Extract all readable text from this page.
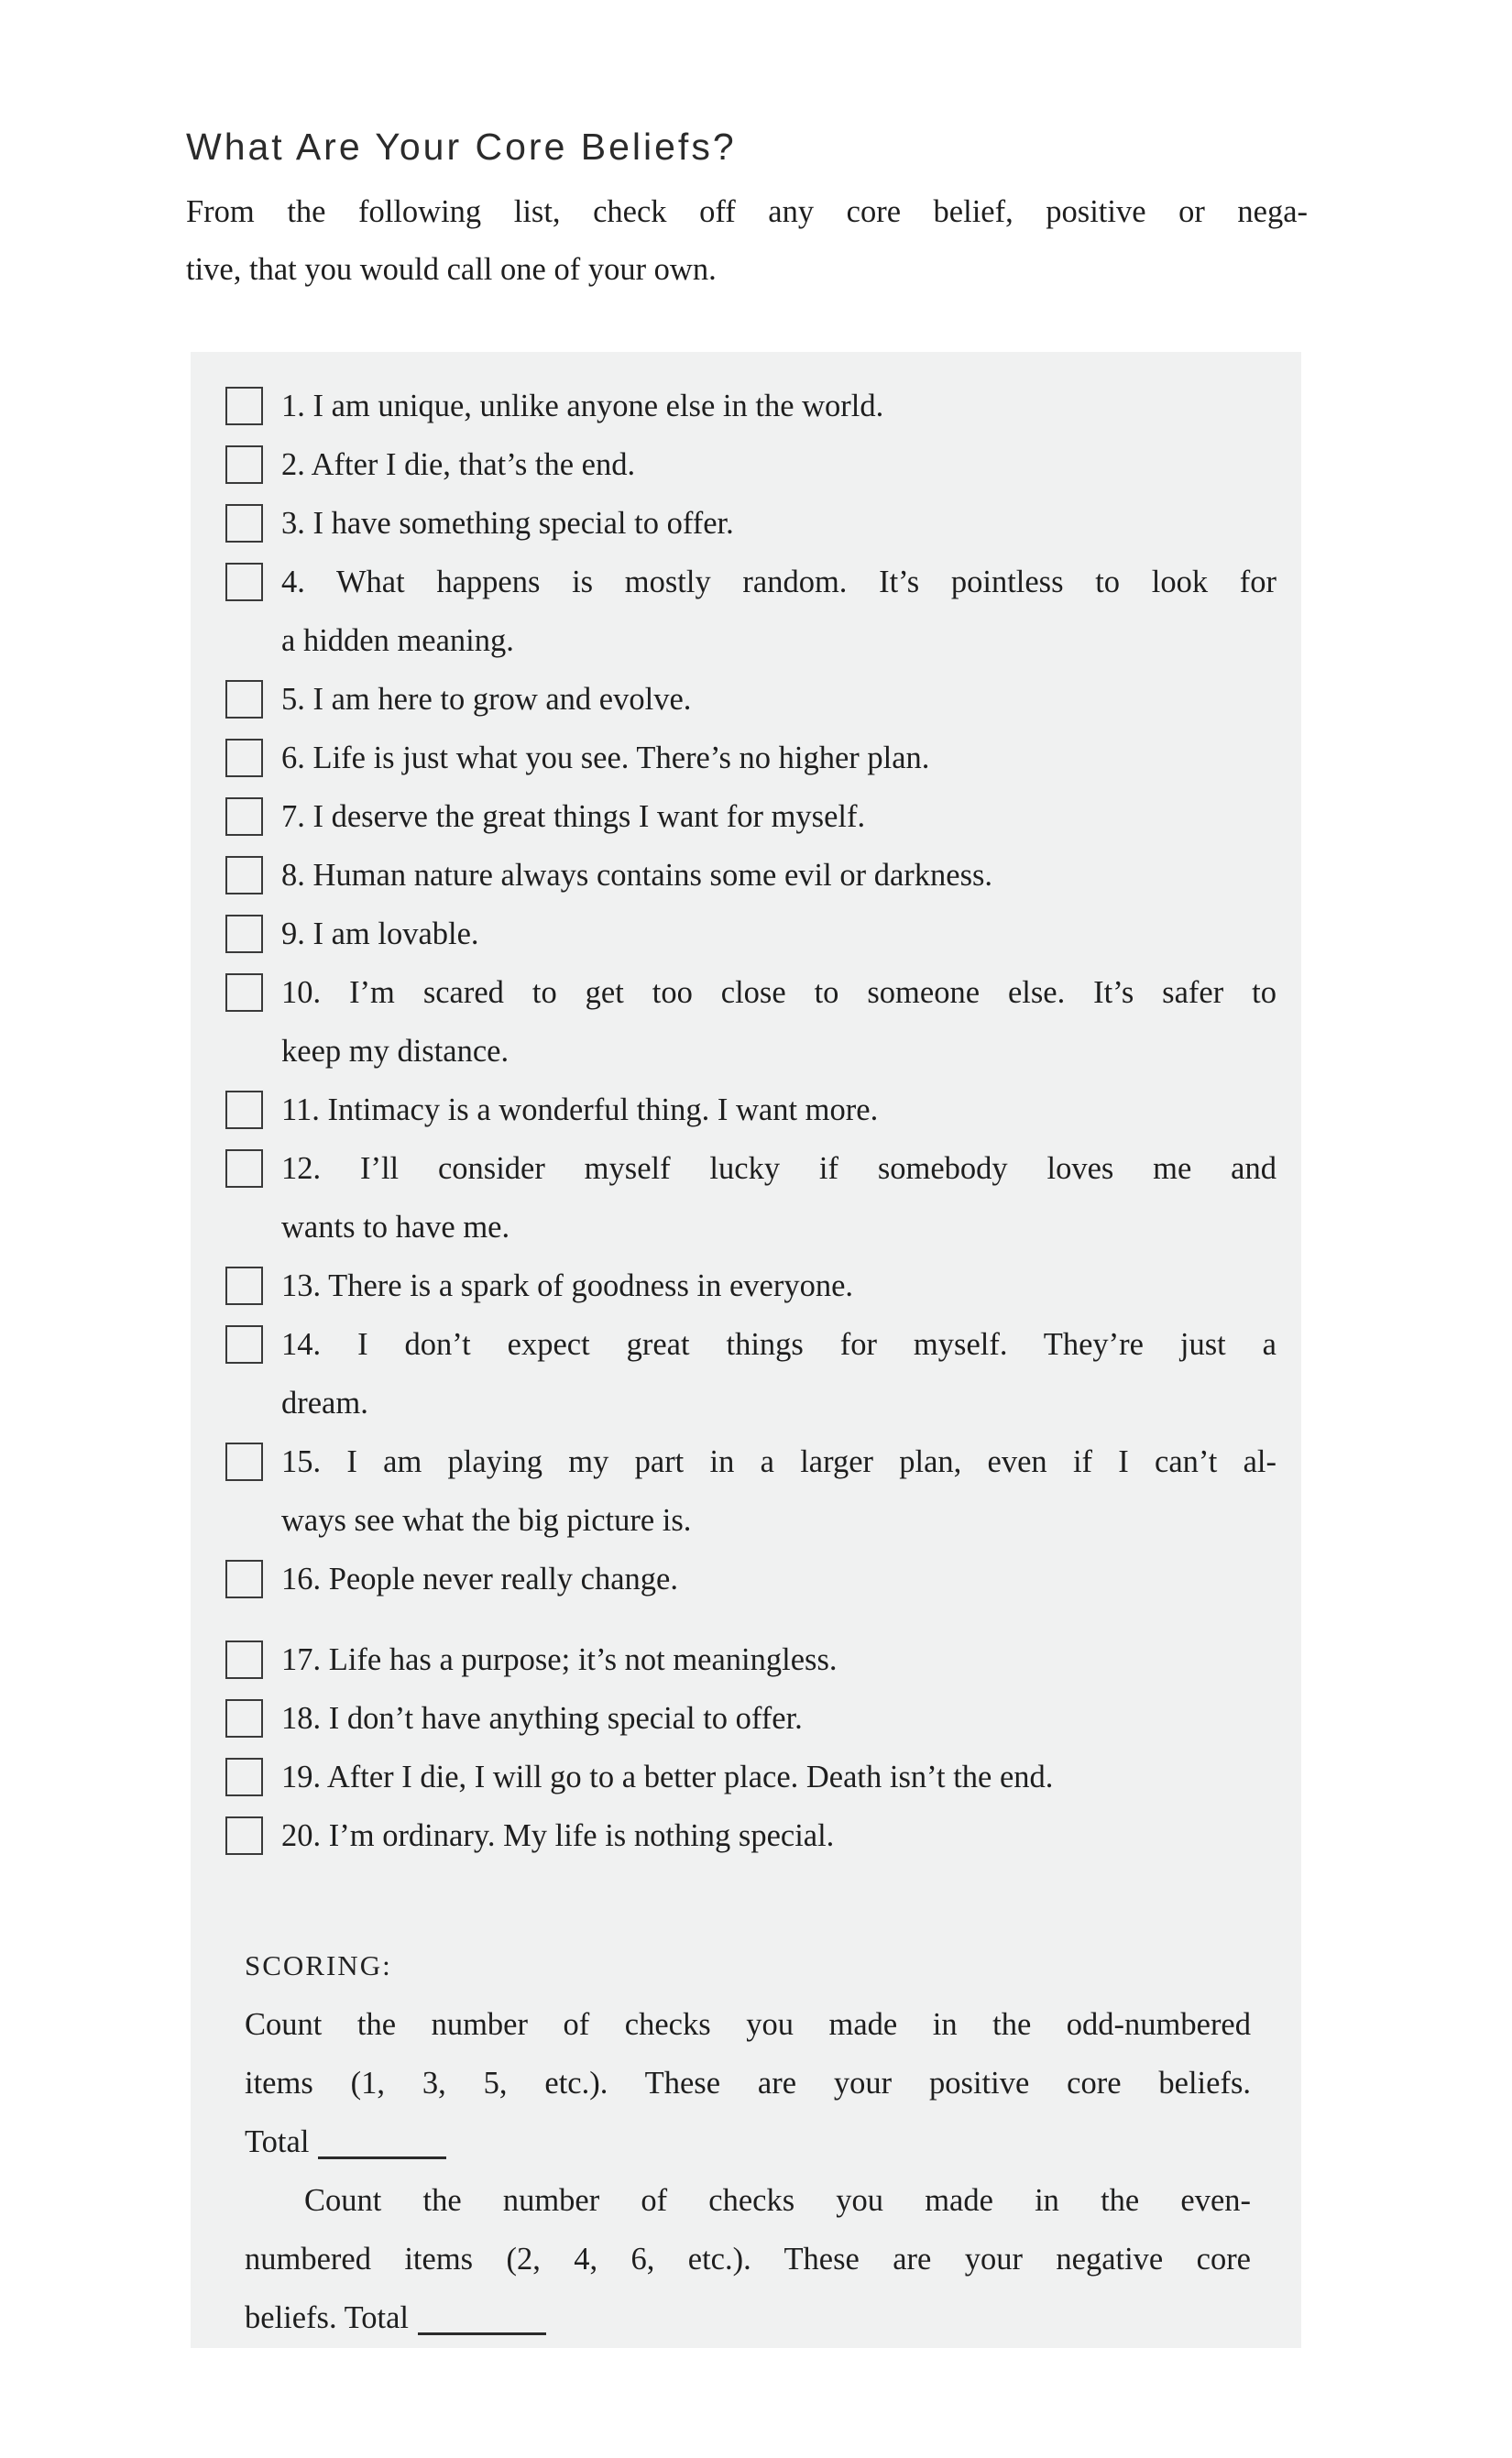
What Are Your Core Beliefs?
From the following list, check off any core belief, positive or nega-
tive, that you would call one of your own.
1. I am unique, unlike anyone else in the world.
2. After I die, that’s the end.
3. I have something special to offer.
4. What happens is mostly random. It’s pointless to look for
a hidden meaning.
5. I am here to grow and evolve.
6. Life is just what you see. There’s no higher plan.
7. I deserve the great things I want for myself.
8. Human nature always contains some evil or darkness.
9. I am lovable.
10. I’m scared to get too close to someone else. It’s safer to
keep my distance.
11. Intimacy is a wonderful thing. I want more.
12. I’ll consider myself lucky if somebody loves me and
wants to have me.
13. There is a spark of goodness in everyone.
14. I don’t expect great things for myself. They’re just a
dream.
15. I am playing my part in a larger plan, even if I can’t al-
ways see what the big picture is.
16. People never really change.
17. Life has a purpose; it’s not meaningless.
18. I don’t have anything special to offer.
19. After I die, I will go to a better place. Death isn’t the end.
20. I’m ordinary. My life is nothing special.
SCORING:
Count the number of checks you made in the odd-numbered
items (1, 3, 5, etc.). These are your positive core beliefs.
Total
Count the number of checks you made in the even-
numbered items (2, 4, 6, etc.). These are your negative core
beliefs. Total
